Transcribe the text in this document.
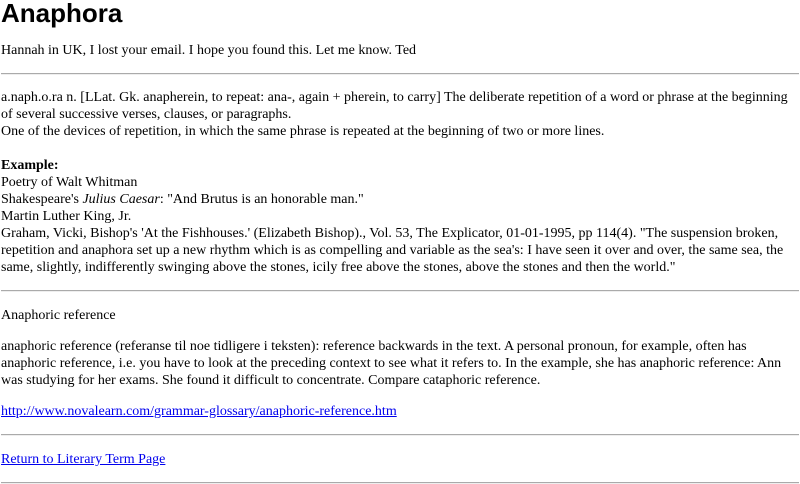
Anaphora

Hannah in UK, I lost your email. I hope you found this. Let me know. Ted

a.naph.o.ra n. [LLat. Gk. anapherein, to repeat: ana-, again + pherein, to carry] The deliberate repetition of a word or phrase at the beginning of several successive verses, clauses, or paragraphs.
One of the devices of repetition, in which the same phrase is repeated at the beginning of two or more lines.
Example:
Poetry of Walt Whitman
Shakespeare's Julius Caesar: "And Brutus is an honorable man."
Martin Luther King, Jr.
Graham, Vicki, Bishop's 'At the Fishhouses.' (Elizabeth Bishop)., Vol. 53, The Explicator, 01-01-1995, pp 114(4). "The suspension broken, repetition and anaphora set up a new rhythm which is as compelling and variable as the sea's: I have seen it over and over, the same sea, the same, slightly, indifferently swinging above the stones, icily free above the stones, above the stones and then the world."

Anaphoric reference

anaphoric reference (referanse til noe tidligere i teksten): reference backwards in the text. A personal pronoun, for example, often has anaphoric reference, i.e. you have to look at the preceding context to see what it refers to. In the example, she has anaphoric reference: Ann was studying for her exams. She found it difficult to concentrate. Compare cataphoric reference.

http://www.novalearn.com/grammar-glossary/anaphoric-reference.htm

Return to Literary Term Page
